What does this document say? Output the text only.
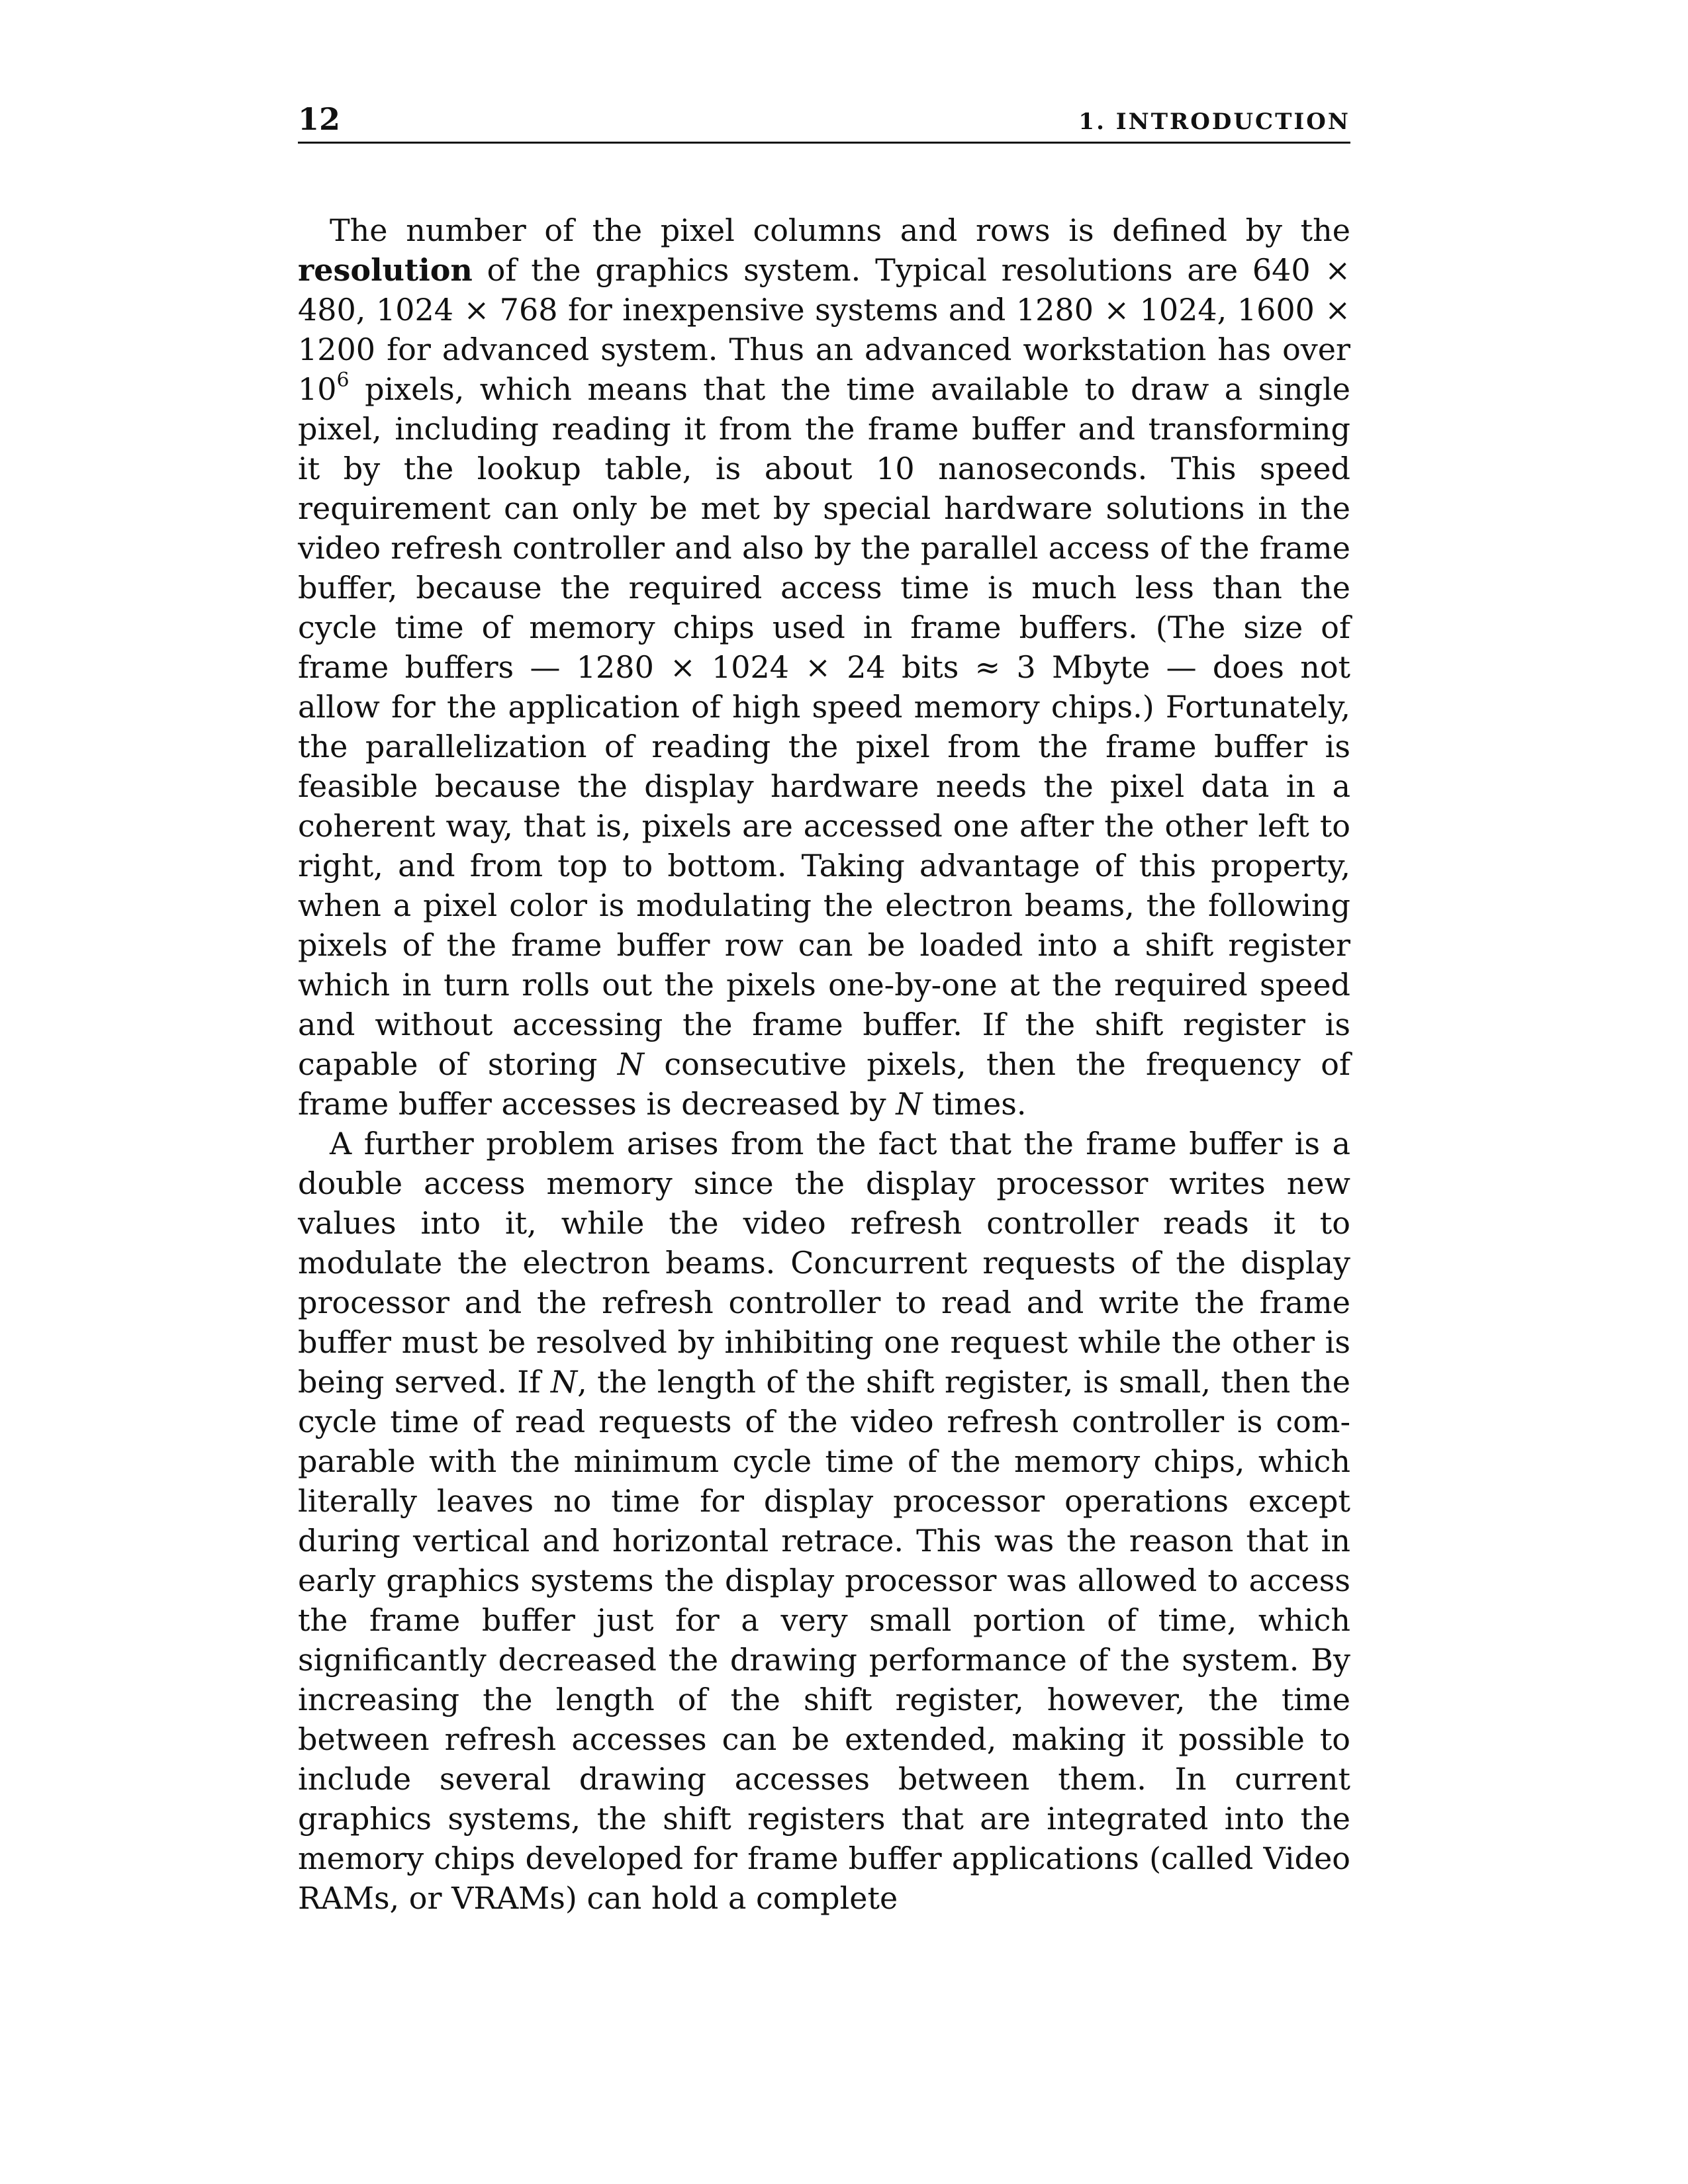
12	1. INTRODUCTION

The number of the pixel columns and rows is defined by the resolution of the graphics system. Typical resolutions are 640 × 480, 1024 × 768 for inexpensive systems and 1280 × 1024, 1600 × 1200 for advanced system. Thus an advanced workstation has over $10^6$ pixels, which means that the time available to draw a single pixel, including reading it from the frame buffer and transforming it by the lookup table, is about 10 nanoseconds. This speed requirement can only be met by special hardware solutions in the video refresh controller and also by the parallel access of the frame buffer, because the required access time is much less than the cycle time of memory chips used in frame buffers. (The size of frame buffers — 1280 × 1024 × 24 bits ≈ 3 Mbyte — does not allow for the application of high speed memory chips.) Fortunately, the parallelization of reading the pixel from the frame buffer is feasible because the display hardware needs the pixel data in a coherent way, that is, pixels are accessed one after the other left to right, and from top to bottom. Taking advantage of this property, when a pixel color is modulating the electron beams, the following pixels of the frame buffer row can be loaded into a shift register which in turn rolls out the pixels one-by-one at the required speed and without accessing the frame buffer. If the shift register is capable of storing N consecutive pixels, then the frequency of frame buffer accesses is decreased by N times.

A further problem arises from the fact that the frame buffer is a double access memory since the display processor writes new values into it, while the video refresh controller reads it to modulate the electron beams. Concurrent requests of the display processor and the refresh controller to read and write the frame buffer must be resolved by inhibiting one request while the other is being served. If N, the length of the shift register, is small, then the cycle time of read requests of the video refresh controller is comparable with the minimum cycle time of the memory chips, which literally leaves no time for display processor operations except during vertical and horizontal retrace. This was the reason that in early graphics systems the display processor was allowed to access the frame buffer just for a very small portion of time, which significantly decreased the drawing performance of the system. By increasing the length of the shift register, however, the time between refresh accesses can be extended, making it possible to include several drawing accesses between them. In current graphics systems, the shift registers that are integrated into the memory chips developed for frame buffer applications (called Video RAMs, or VRAMs) can hold a complete
